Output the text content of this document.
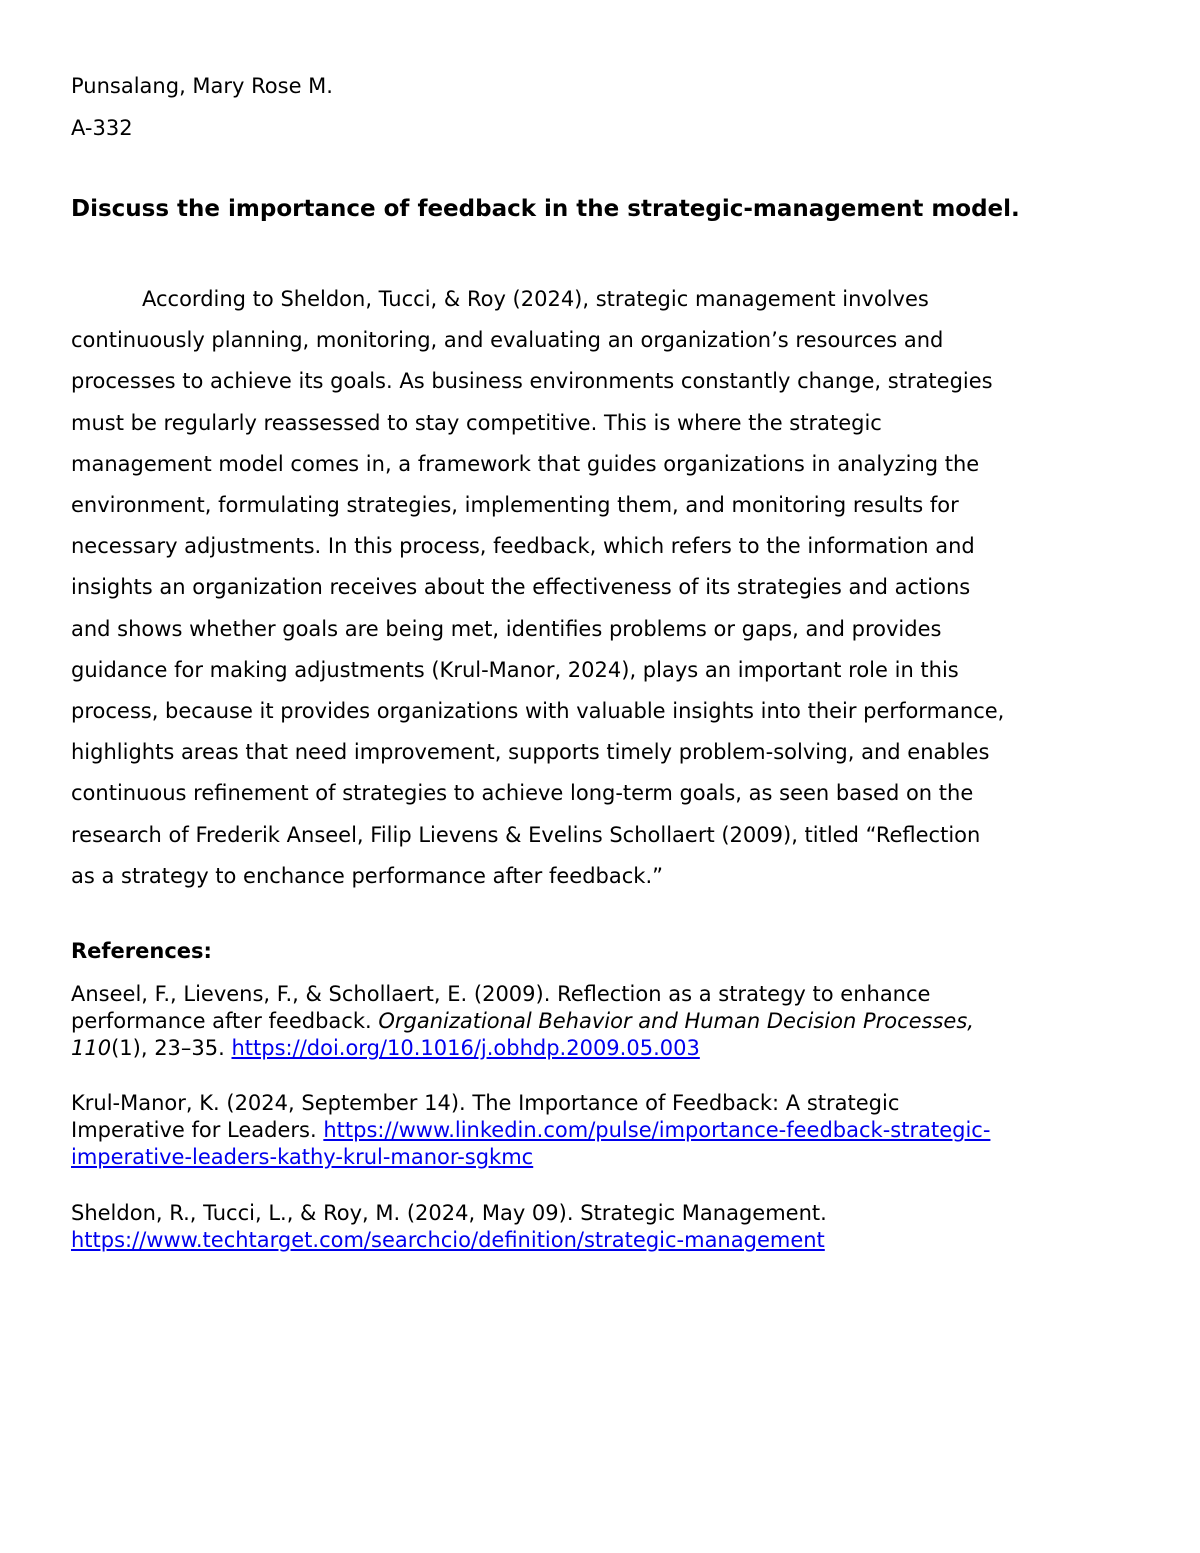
Punsalang, Mary Rose M.

A-332

Discuss the importance of feedback in the strategic-management model.
According to Sheldon, Tucci, & Roy (2024), strategic management involves
continuously planning, monitoring, and evaluating an organization’s resources and
processes to achieve its goals. As business environments constantly change, strategies
must be regularly reassessed to stay competitive. This is where the strategic
management model comes in, a framework that guides organizations in analyzing the
environment, formulating strategies, implementing them, and monitoring results for
necessary adjustments. In this process, feedback, which refers to the information and
insights an organization receives about the effectiveness of its strategies and actions
and shows whether goals are being met, identifies problems or gaps, and provides
guidance for making adjustments (Krul-Manor, 2024), plays an important role in this
process, because it provides organizations with valuable insights into their performance,
highlights areas that need improvement, supports timely problem-solving, and enables
continuous refinement of strategies to achieve long-term goals, as seen based on the
research of Frederik Anseel, Filip Lievens & Evelins Schollaert (2009), titled “Reflection
as a strategy to enchance performance after feedback.”
References:
Anseel, F., Lievens, F., & Schollaert, E. (2009). Reflection as a strategy to enhance
performance after feedback. Organizational Behavior and Human Decision Processes,
110(1), 23–35. https://doi.org/10.1016/j.obhdp.2009.05.003
Krul-Manor, K. (2024, September 14). The Importance of Feedback: A strategic
Imperative for Leaders. https://www.linkedin.com/pulse/importance-feedback-strategic-
imperative-leaders-kathy-krul-manor-sgkmc
Sheldon, R., Tucci, L., & Roy, M. (2024, May 09). Strategic Management.
https://www.techtarget.com/searchcio/definition/strategic-management
